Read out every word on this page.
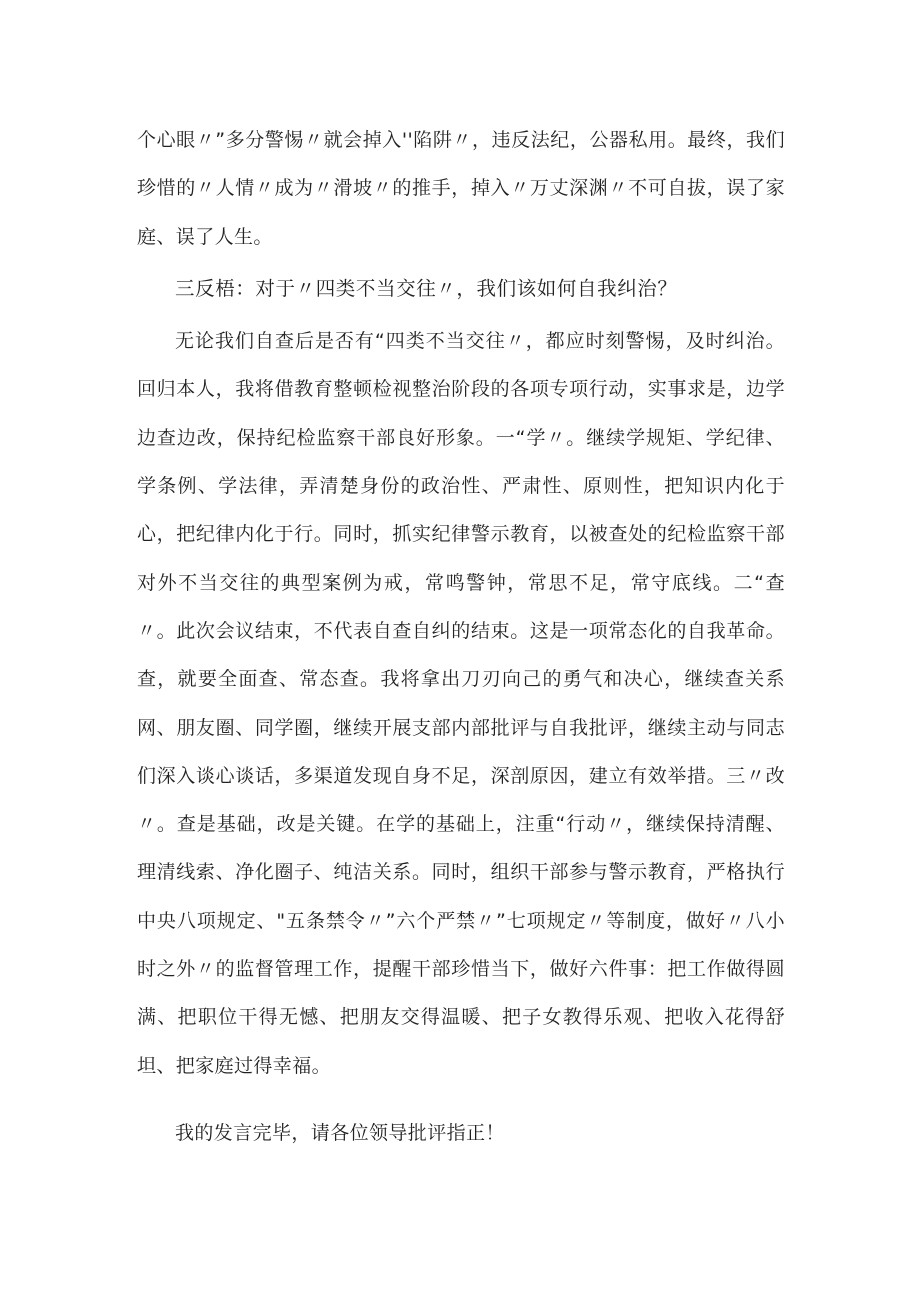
个心眼〃”多分警惕〃就会掉入''陷阱〃，违反法纪，公器私用。最终，我们珍惜的〃人情〃成为〃滑坡〃的推手，掉入〃万丈深渊〃不可自拔，误了家庭、误了人生。

三反梧：对于〃四类不当交往〃，我们该如何自我纠治？

无论我们自查后是否有“四类不当交往〃，都应时刻警惕，及时纠治。回归本人，我将借教育整顿检视整治阶段的各项专项行动，实事求是，边学边查边改，保持纪检监察干部良好形象。一“学〃。继续学规矩、学纪律、学条例、学法律，弄清楚身份的政治性、严肃性、原则性，把知识内化于心，把纪律内化于行。同时，抓实纪律警示教育，以被查处的纪检监察干部对外不当交往的典型案例为戒，常鸣警钟，常思不足，常守底线。二“查〃。此次会议结束，不代表自查自纠的结束。这是一项常态化的自我革命。查，就要全面查、常态查。我将拿出刀刃向己的勇气和决心，继续查关系网、朋友圈、同学圈，继续开展支部内部批评与自我批评，继续主动与同志们深入谈心谈话，多渠道发现自身不足，深剖原因，建立有效举措。三〃改〃。查是基础，改是关键。在学的基础上，注重“行动〃，继续保持清醒、理清线索、净化圈子、纯洁关系。同时，组织干部参与警示教育，严格执行中央八项规定、"五条禁令〃”六个严禁〃”七项规定〃等制度，做好〃八小时之外〃的监督管理工作，提醒干部珍惜当下，做好六件事：把工作做得圆满、把职位干得无憾、把朋友交得温暖、把子女教得乐观、把收入花得舒坦、把家庭过得幸福。

我的发言完毕，请各位领导批评指正！
